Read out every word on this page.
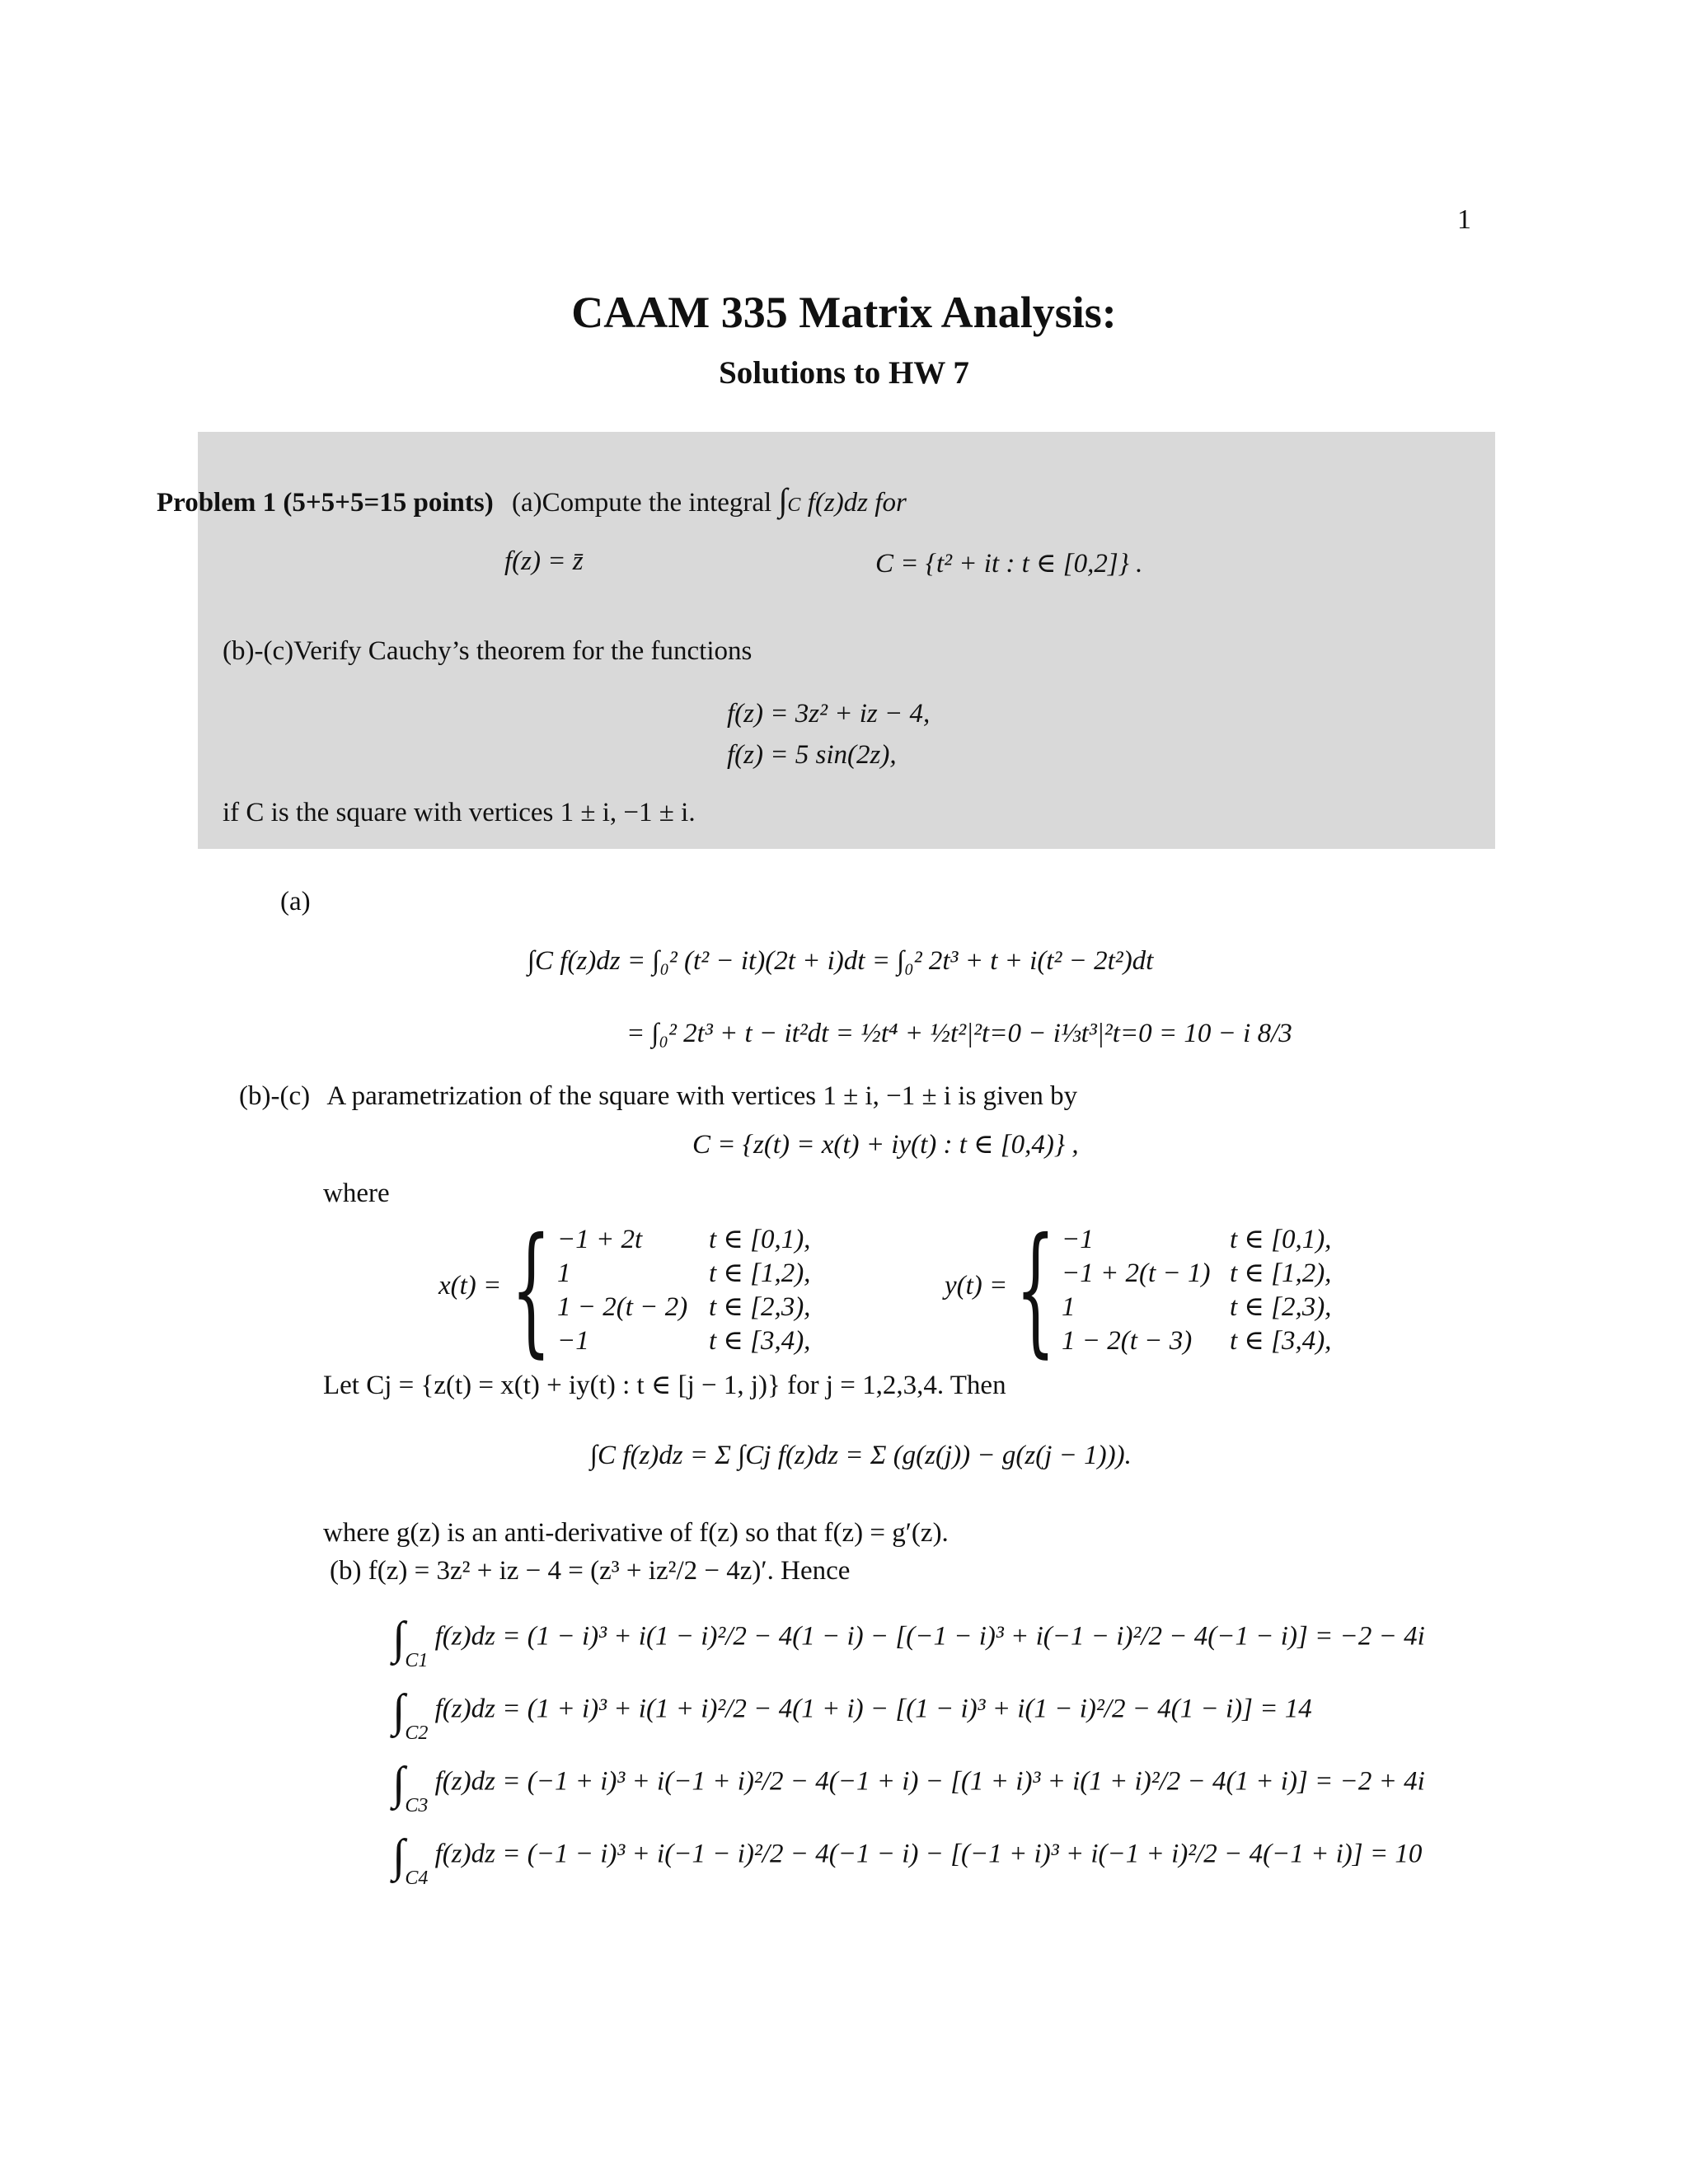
1
CAAM 335 Matrix Analysis:
Solutions to HW 7
Problem 1 (5+5+5=15 points) (a)Compute the integral ∫C f(z)dz for
f(z) = z̄	C = {t² + it : t ∈ [0,2]} .
(b)-(c)Verify Cauchy’s theorem for the functions
f(z) = 3z² + iz − 4,
f(z) = 5 sin(2z),
if C is the square with vertices 1 ± i, −1 ± i.
(a)
∫C f(z)dz = ∫₀² (t² − it)(2t + i)dt = ∫₀² 2t³ + t + i(t² − 2t²)dt
= ∫₀² 2t³ + t − it²dt = ½t⁴ + ½t²|²t=0 − i⅓t³|²t=0 = 10 − i 8/3
(b)-(c) A parametrization of the square with vertices 1 ± i, −1 ± i is given by
C = {z(t) = x(t) + iy(t) : t ∈ [0,4)} ,
where
x(t) = { −1 + 2t
1
1 − 2(t − 2)
−1
t ∈ [0,1),
t ∈ [1,2),
t ∈ [2,3),
t ∈ [3,4),
y(t) = { −1
−1 + 2(t − 1)
1
1 − 2(t − 3)
t ∈ [0,1),
t ∈ [1,2),
t ∈ [2,3),
t ∈ [3,4),
Let Cj = {z(t) = x(t) + iy(t) : t ∈ [j − 1, j)} for j = 1,2,3,4. Then
∫C f(z)dz = Σ ∫Cj f(z)dz = Σ (g(z(j)) − g(z(j − 1))).
where g(z) is an anti-derivative of f(z) so that f(z) = g′(z).
(b) f(z) = 3z² + iz − 4 = (z³ + iz²/2 − 4z)′. Hence
$\int_{C1}$ f(z)dz = (1 − i)³ + i(1 − i)²/2 − 4(1 − i) − [(−1 − i)³ + i(−1 − i)²/2 − 4(−1 − i)] = −2 − 4i
$\int_{C2}$ f(z)dz = (1 + i)³ + i(1 + i)²/2 − 4(1 + i) − [(1 − i)³ + i(1 − i)²/2 − 4(1 − i)] = 14
$\int_{C3}$ f(z)dz = (−1 + i)³ + i(−1 + i)²/2 − 4(−1 + i) − [(1 + i)³ + i(1 + i)²/2 − 4(1 + i)] = −2 + 4i
$\int_{C4}$ f(z)dz = (−1 − i)³ + i(−1 − i)²/2 − 4(−1 − i) − [(−1 + i)³ + i(−1 + i)²/2 − 4(−1 + i)] = 10
